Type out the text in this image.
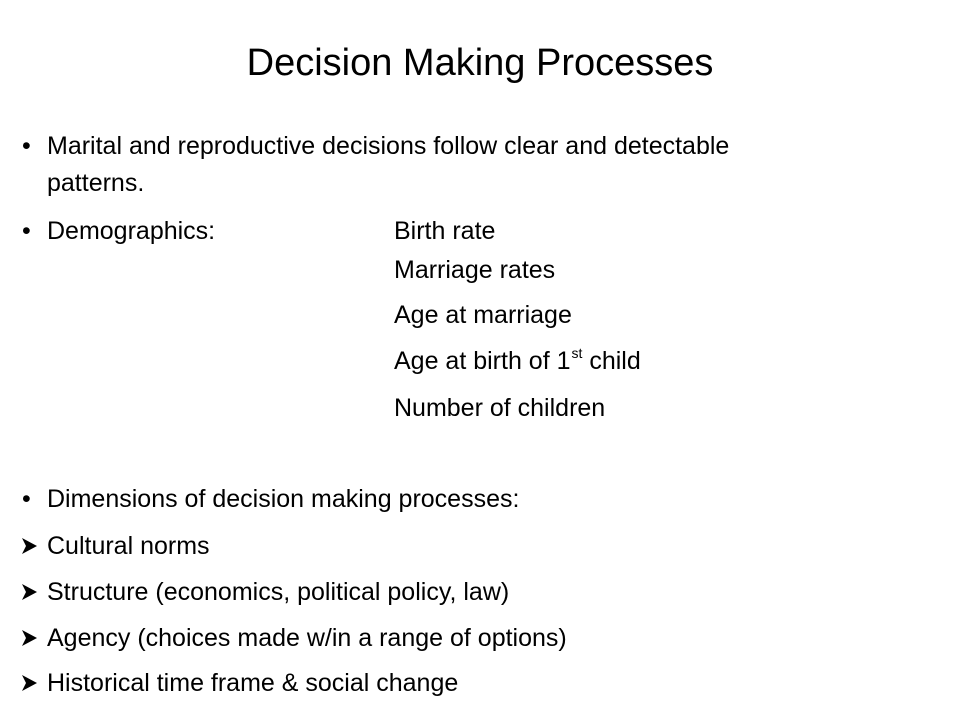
Decision Making Processes
• Marital and reproductive decisions follow clear and detectable
patterns.
• Demographics:	Birth rate
Marriage rates
Age at marriage
Age at birth of 1st child
Number of children
• Dimensions of decision making processes:
Cultural norms
Structure (economics, political policy, law)
Agency (choices made w/in a range of options)
Historical time frame & social change
